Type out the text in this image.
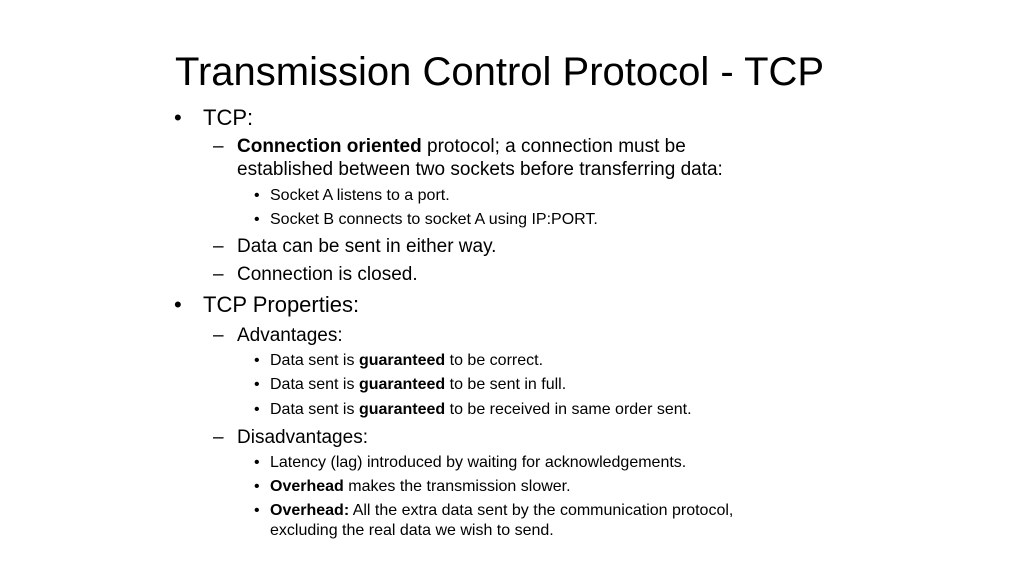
Transmission Control Protocol - TCP
• TCP:
– Connection oriented protocol; a connection must be
established between two sockets before transferring data:
• Socket A listens to a port.
• Socket B connects to socket A using IP:PORT.
– Data can be sent in either way.
– Connection is closed.
• TCP Properties:
– Advantages:
• Data sent is guaranteed to be correct.
• Data sent is guaranteed to be sent in full.
• Data sent is guaranteed to be received in same order sent.
– Disadvantages:
• Latency (lag) introduced by waiting for acknowledgements.
• Overhead makes the transmission slower.
• Overhead: All the extra data sent by the communication protocol,
excluding the real data we wish to send.
